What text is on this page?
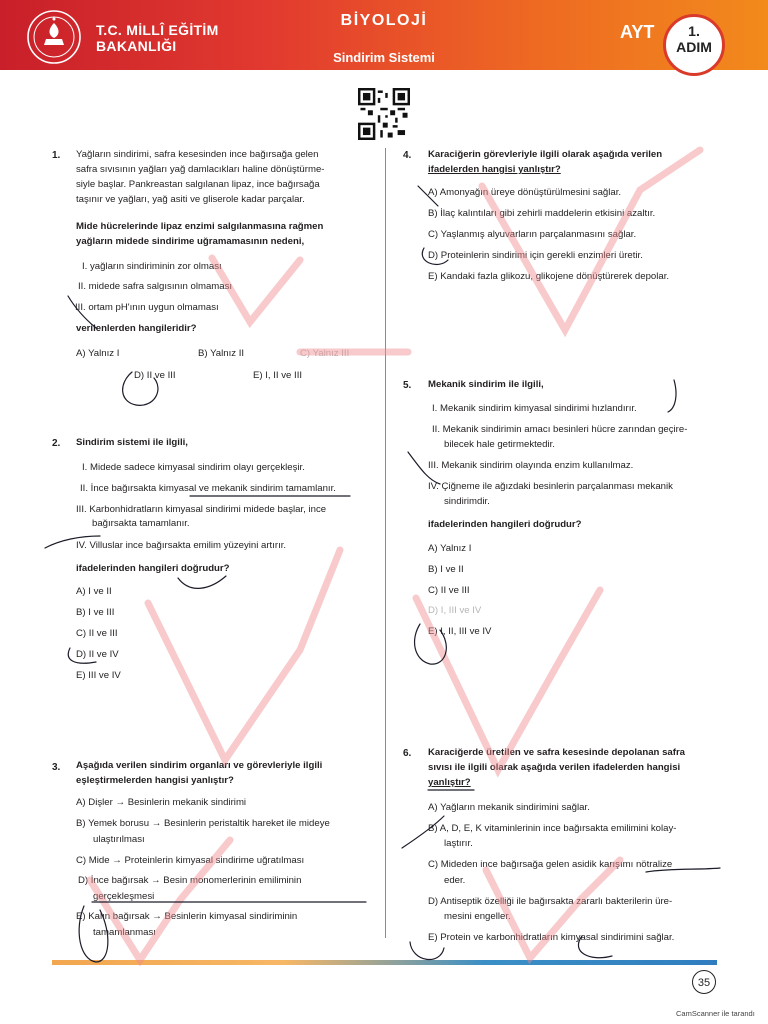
T.C. MİLLÎ EĞİTİM
BAKANLIĞI
BİYOLOJİ
Sindirim Sistemi
AYT	1.
ADIM
1. Yağların sindirimi, safra kesesinden ince bağırsağa gelen
safra sıvısının yağları yağ damlacıkları haline dönüştürme-
siyle başlar. Pankreastan salgılanan lipaz, ince bağırsağa
taşınır ve yağları, yağ asiti ve gliserole kadar parçalar.
Mide hücrelerinde lipaz enzimi salgılanmasına rağmen
yağların midede sindirime uğramamasının nedeni,
I. yağların sindiriminin zor olması
II. midede safra salgısının olmaması
III. ortam pH'ının uygun olmaması
verilenlerden hangileridir?
A) Yalnız I	B) Yalnız II	C) Yalnız III
D) II ve III	E) I, II ve III
2. Sindirim sistemi ile ilgili,
I. Midede sadece kimyasal sindirim olayı gerçekleşir.
II. İnce bağırsakta kimyasal ve mekanik sindirim tamamlanır.
III. Karbonhidratların kimyasal sindirimi midede başlar, ince
bağırsakta tamamlanır.
IV. Villuslar ince bağırsakta emilim yüzeyini artırır.
ifadelerinden hangileri doğrudur?
A) I ve II
B) I ve III
C) II ve III
D) II ve IV
E) III ve IV
3. Aşağıda verilen sindirim organları ve görevleriyle ilgili
eşleştirmelerden hangisi yanlıştır?
A) Dişler → Besinlerin mekanik sindirimi
B) Yemek borusu → Besinlerin peristaltik hareket ile mideye
ulaştırılması
C) Mide → Proteinlerin kimyasal sindirime uğratılması
D) İnce bağırsak → Besin monomerlerinin emiliminin
gerçekleşmesi
E) Kalın bağırsak → Besinlerin kimyasal sindiriminin
tamamlanması
4. Karaciğerin görevleriyle ilgili olarak aşağıda verilen
ifadelerden hangisi yanlıştır?
A) Amonyağın üreye dönüştürülmesini sağlar.
B) İlaç kalıntıları gibi zehirli maddelerin etkisini azaltır.
C) Yaşlanmış alyuvarların parçalanmasını sağlar.
D) Proteinlerin sindirimi için gerekli enzimleri üretir.
E) Kandaki fazla glikozu, glikojene dönüştürerek depolar.
5. Mekanik sindirim ile ilgili,
I. Mekanik sindirim kimyasal sindirimi hızlandırır.
II. Mekanik sindirimin amacı besinleri hücre zarından geçire-
bilecek hale getirmektedir.
III. Mekanik sindirim olayında enzim kullanılmaz.
IV. Çiğneme ile ağızdaki besinlerin parçalanması mekanik
sindirimdir.
ifadelerinden hangileri doğrudur?
A) Yalnız I
B) I ve II
C) II ve III
D) I, III ve IV
E) I, II, III ve IV
6. Karaciğerde üretilen ve safra kesesinde depolanan safra
sıvısı ile ilgili olarak aşağıda verilen ifadelerden hangisi
yanlıştır?
A) Yağların mekanik sindirimini sağlar.
B) A, D, E, K vitaminlerinin ince bağırsakta emilimini kolay-
laştırır.
C) Mideden ince bağırsağa gelen asidik karışımı nötralize
eder.
D) Antiseptik özelliği ile bağırsakta zararlı bakterilerin üre-
mesini engeller.
E) Protein ve karbonhidratların kimyasal sindirimini sağlar.
35
CamScanner ile tarandı
